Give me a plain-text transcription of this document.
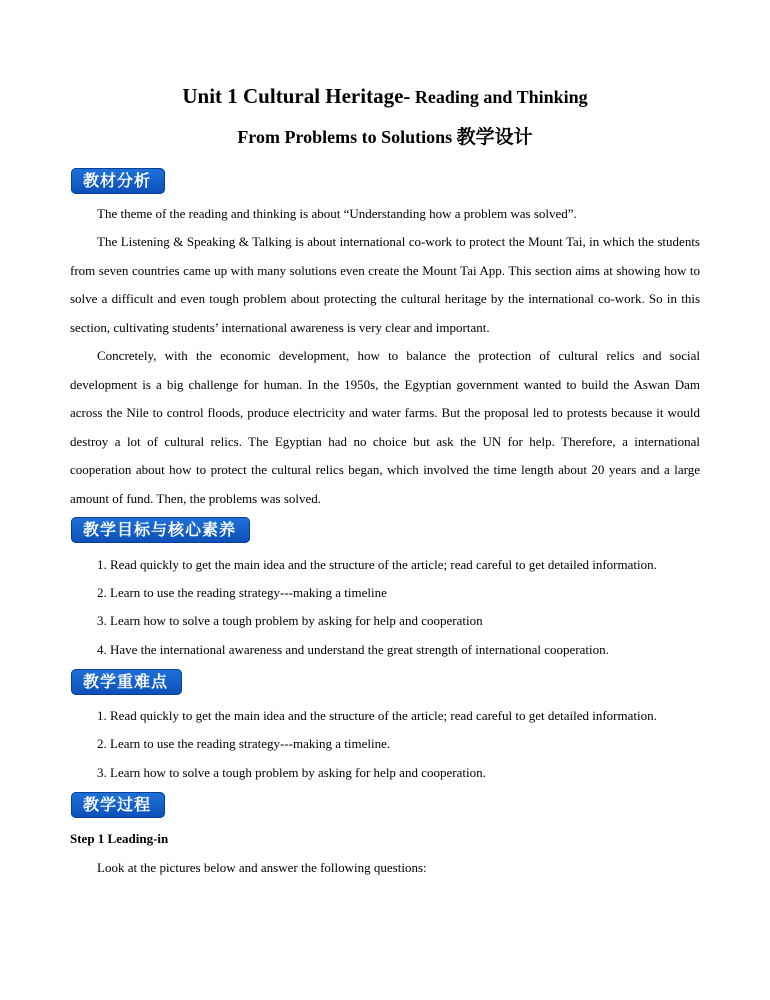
Unit 1 Cultural Heritage- Reading and Thinking
From Problems to Solutions 教学设计
教材分析
The theme of the reading and thinking is about “Understanding how a problem was solved”.
The Listening & Speaking & Talking is about international co-work to protect the Mount Tai, in which the students from seven countries came up with many solutions even create the Mount Tai App. This section aims at showing how to solve a difficult and even tough problem about protecting the cultural heritage by the international co-work. So in this section, cultivating students’ international awareness is very clear and important.
Concretely, with the economic development, how to balance the protection of cultural relics and social development is a big challenge for human. In the 1950s, the Egyptian government wanted to build the Aswan Dam across the Nile to control floods, produce electricity and water farms. But the proposal led to protests because it would destroy a lot of cultural relics. The Egyptian had no choice but ask the UN for help. Therefore, a international cooperation about how to protect the cultural relics began, which involved the time length about 20 years and a large amount of fund. Then, the problems was solved.
教学目标与核心素养
1. Read quickly to get the main idea and the structure of the article; read careful to get detailed information.
2. Learn to use the reading strategy---making a timeline
3. Learn how to solve a tough problem by asking for help and cooperation
4. Have the international awareness and understand the great strength of international cooperation.
教学重难点
1. Read quickly to get the main idea and the structure of the article; read careful to get detailed information.
2. Learn to use the reading strategy---making a timeline.
3. Learn how to solve a tough problem by asking for help and cooperation.
教学过程
Step 1 Leading-in
Look at the pictures below and answer the following questions:
